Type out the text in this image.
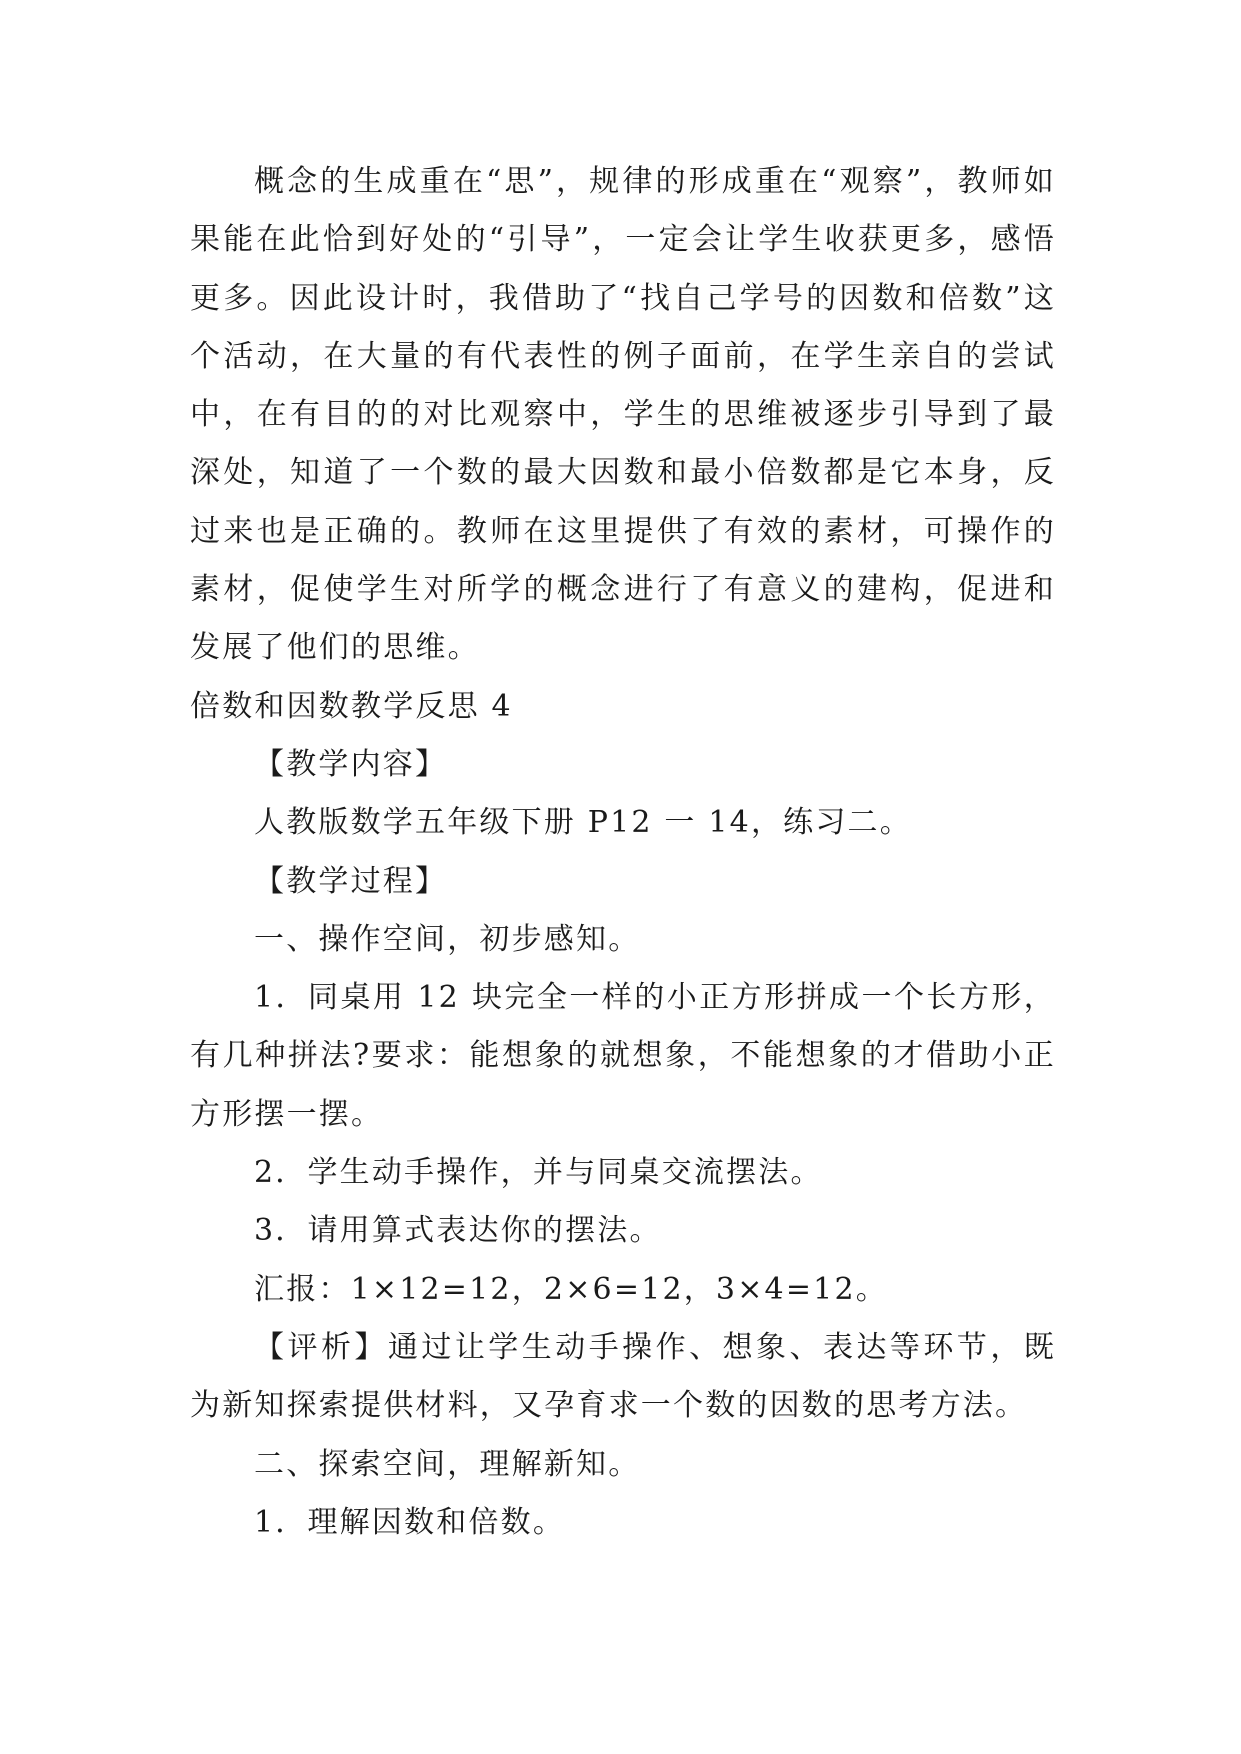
概念的生成重在“思”，规律的形成重在“观察”，教师如果能在此恰到好处的“引导”，一定会让学生收获更多，感悟更多。因此设计时，我借助了“找自己学号的因数和倍数”这个活动，在大量的有代表性的例子面前，在学生亲自的尝试中，在有目的的对比观察中，学生的思维被逐步引导到了最深处，知道了一个数的最大因数和最小倍数都是它本身，反过来也是正确的。教师在这里提供了有效的素材，可操作的素材，促使学生对所学的概念进行了有意义的建构，促进和发展了他们的思维。

倍数和因数教学反思 4

【教学内容】

人教版数学五年级下册 P12 一 14，练习二。

【教学过程】

一、操作空间，初步感知。

1．同桌用 12 块完全一样的小正方形拼成一个长方形，有几种拼法?要求：能想象的就想象，不能想象的才借助小正方形摆一摆。

2．学生动手操作，并与同桌交流摆法。

3．请用算式表达你的摆法。

汇报：1×12=12，2×6=12，3×4=12。

【评析】通过让学生动手操作、想象、表达等环节，既为新知探索提供材料，又孕育求一个数的因数的思考方法。

二、探索空间，理解新知。

1．理解因数和倍数。
